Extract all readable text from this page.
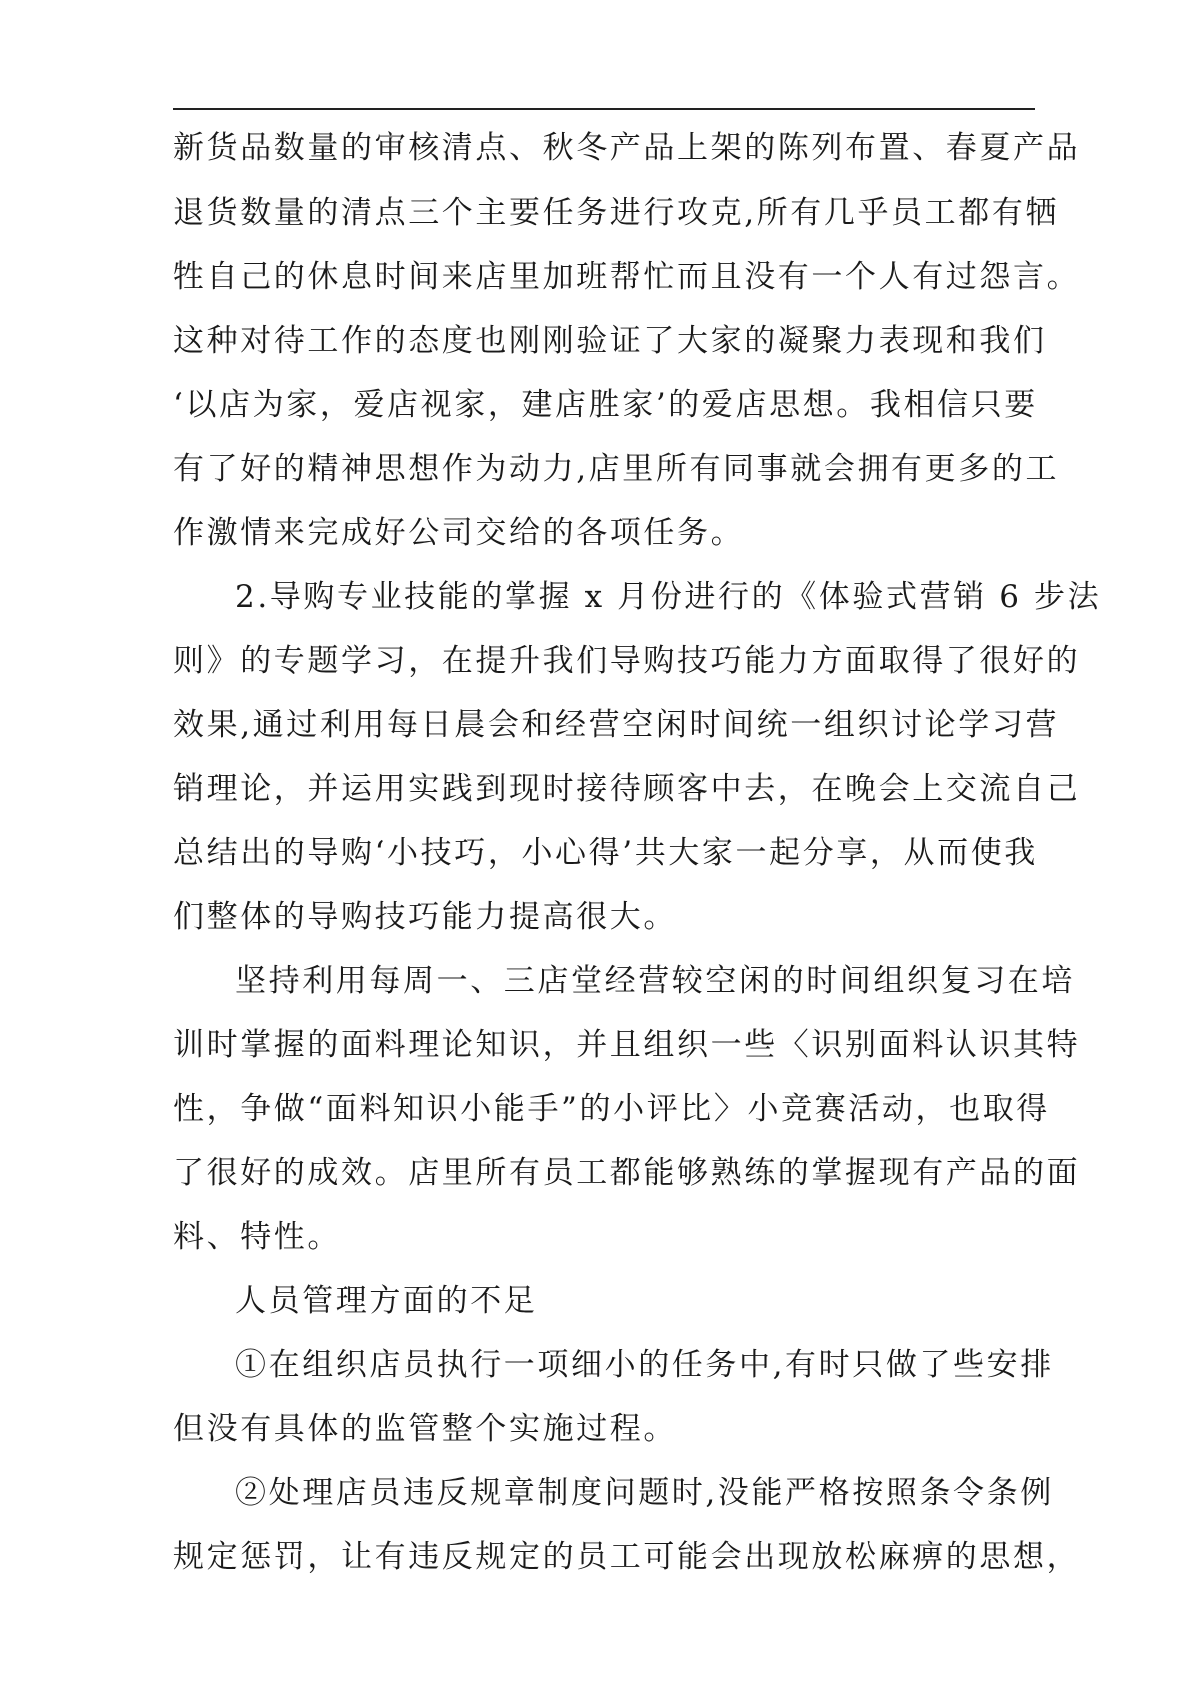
新货品数量的审核清点、秋冬产品上架的陈列布置、春夏产品
退货数量的清点三个主要任务进行攻克,所有几乎员工都有牺
牲自己的休息时间来店里加班帮忙而且没有一个人有过怨言。
这种对待工作的态度也刚刚验证了大家的凝聚力表现和我们
‘以店为家，爱店视家，建店胜家’的爱店思想。我相信只要
有了好的精神思想作为动力,店里所有同事就会拥有更多的工
作激情来完成好公司交给的各项任务。
2.导购专业技能的掌握 x 月份进行的《体验式营销 6 步法
则》的专题学习，在提升我们导购技巧能力方面取得了很好的
效果,通过利用每日晨会和经营空闲时间统一组织讨论学习营
销理论，并运用实践到现时接待顾客中去，在晚会上交流自己
总结出的导购‘小技巧，小心得’共大家一起分享，从而使我
们整体的导购技巧能力提高很大。
坚持利用每周一、三店堂经营较空闲的时间组织复习在培
训时掌握的面料理论知识，并且组织一些〈识别面料认识其特
性，争做“面料知识小能手”的小评比〉小竞赛活动，也取得
了很好的成效。店里所有员工都能够熟练的掌握现有产品的面
料、特性。
人员管理方面的不足
①在组织店员执行一项细小的任务中,有时只做了些安排
但没有具体的监管整个实施过程。
②处理店员违反规章制度问题时,没能严格按照条令条例
规定惩罚，让有违反规定的员工可能会出现放松麻痹的思想，
